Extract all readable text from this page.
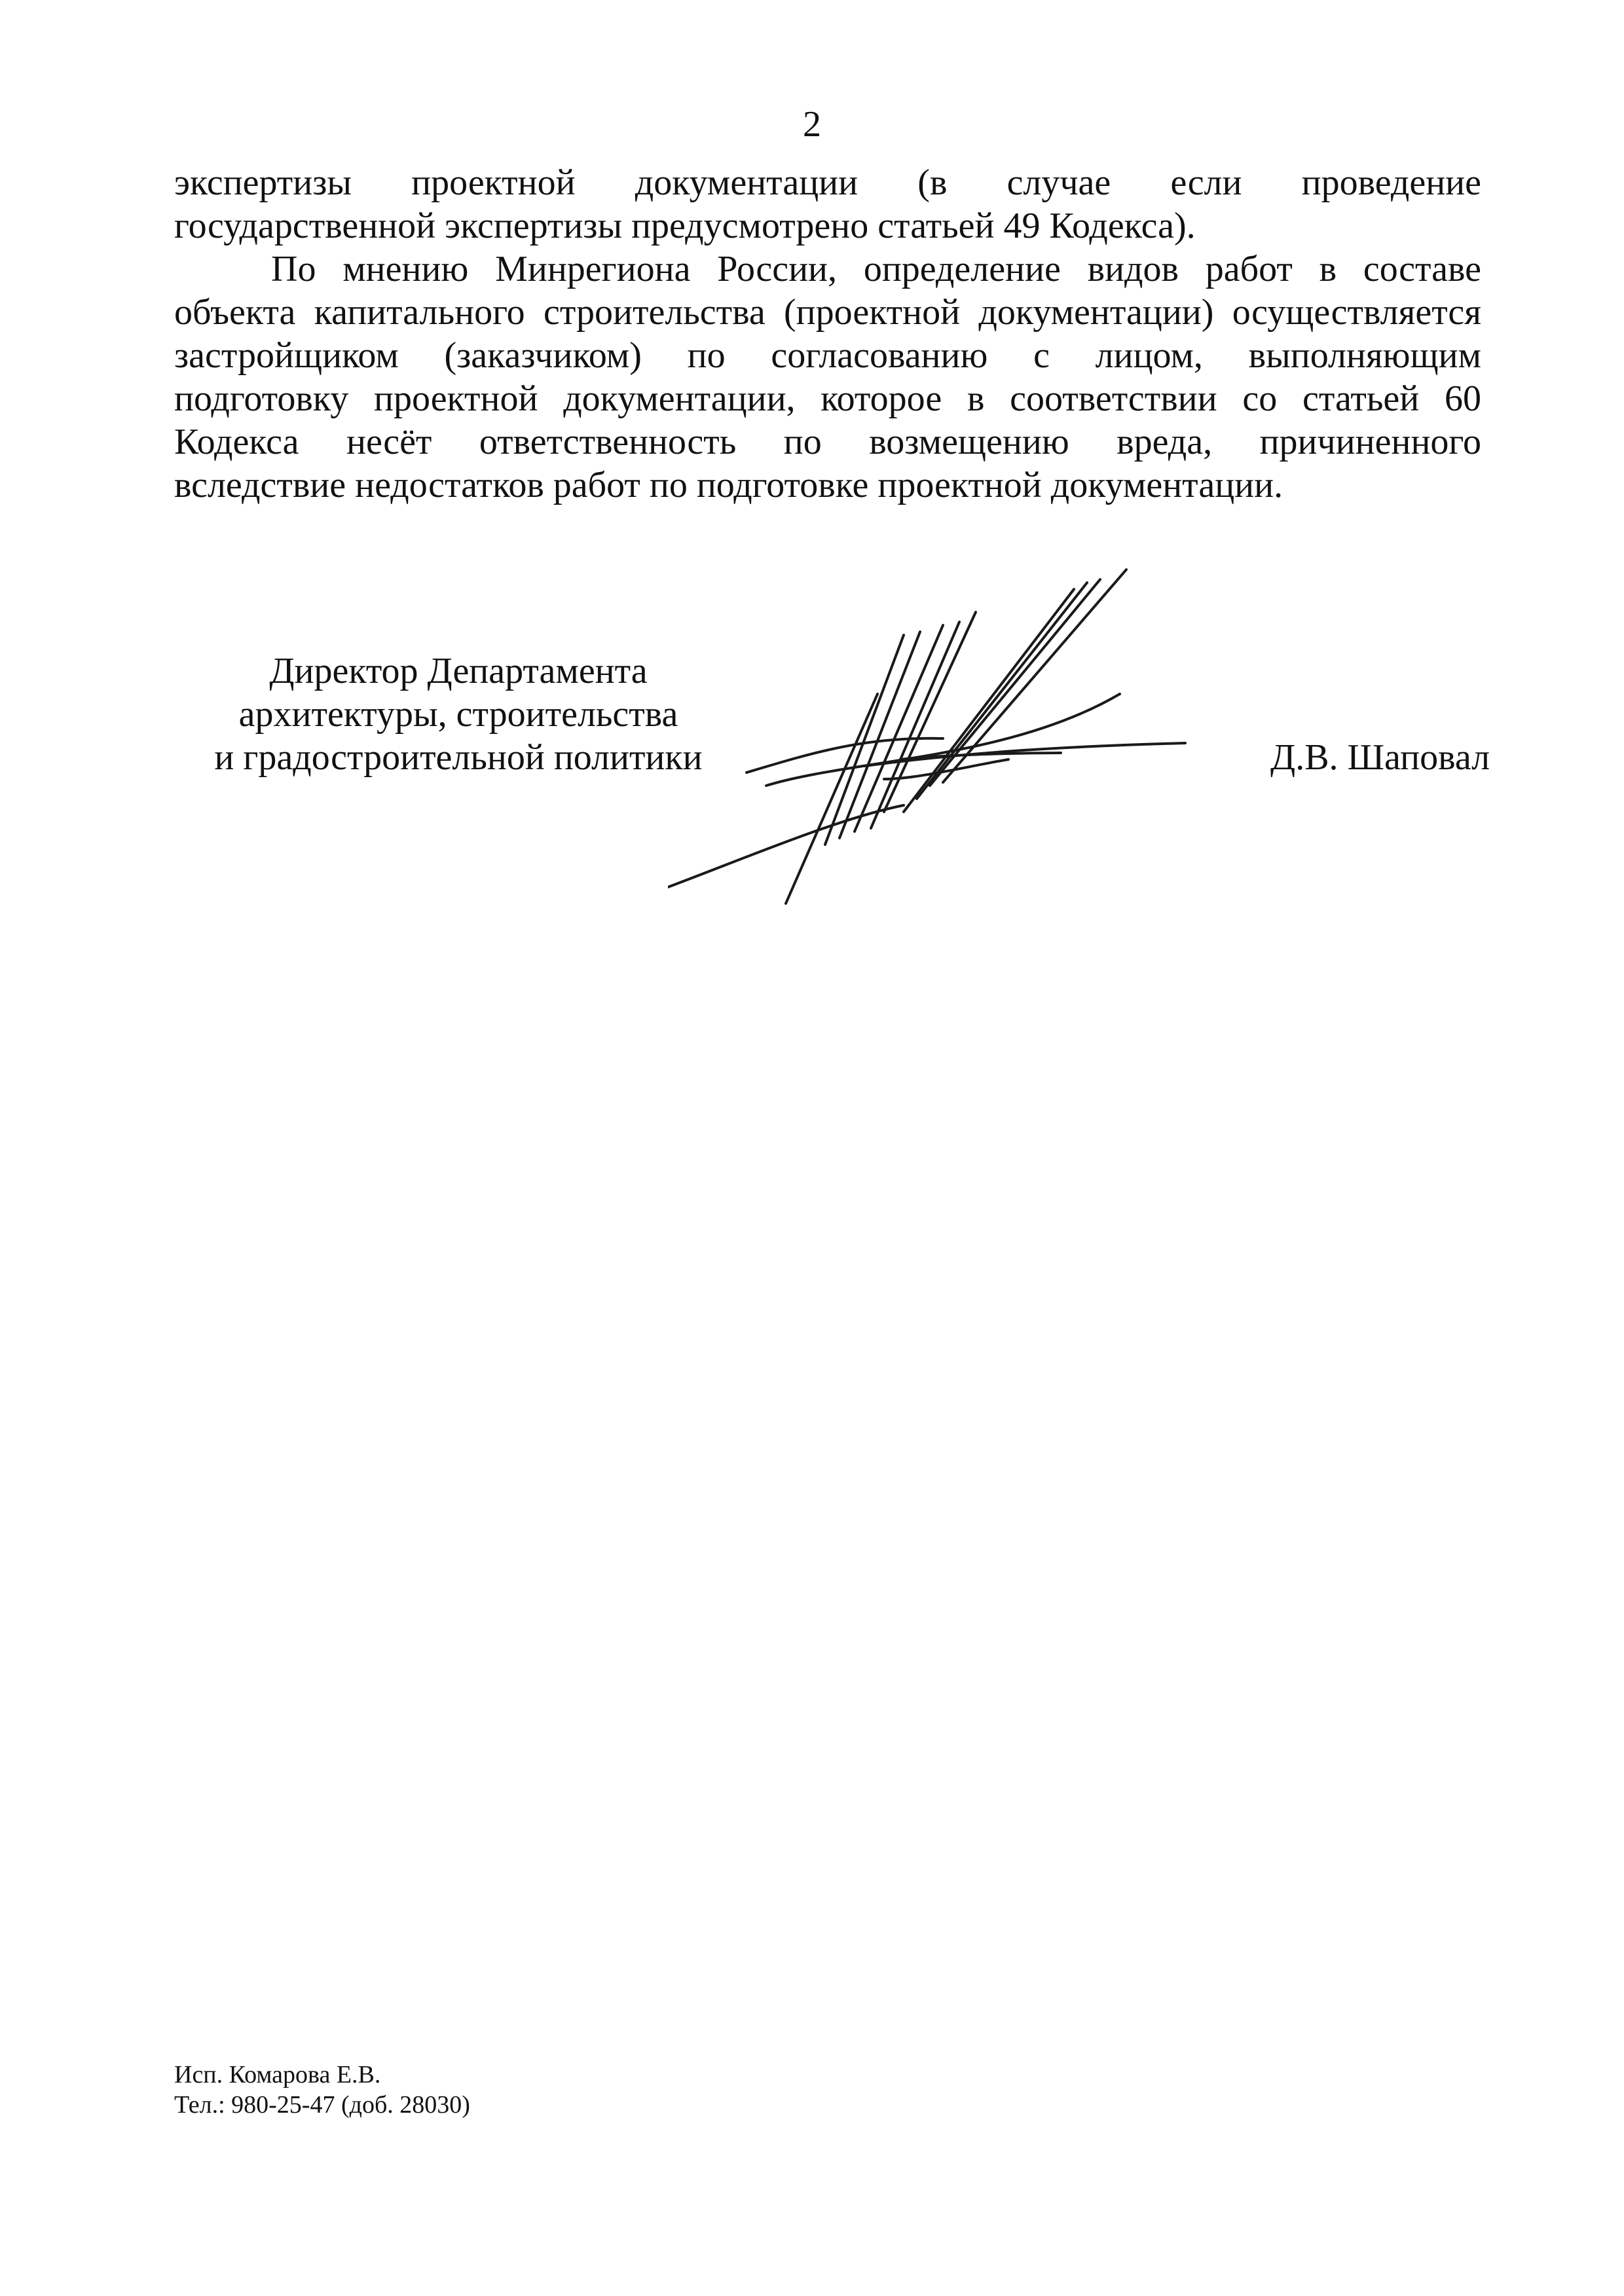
2
экспертизы проектной документации (в случае если проведение
государственной экспертизы предусмотрено статьей 49 Кодекса).
По мнению Минрегиона России, определение видов работ в составе
объекта капитального строительства (проектной документации) осуществляется
застройщиком (заказчиком) по согласованию с лицом, выполняющим
подготовку проектной документации, которое в соответствии со статьей 60
Кодекса несёт ответственность по возмещению вреда, причиненного
вследствие недостатков работ по подготовке проектной документации.
Директор Департамента
архитектуры, строительства
и градостроительной политики	Д.В. Шаповал
Исп. Комарова Е.В.
Тел.: 980-25-47 (доб. 28030)
